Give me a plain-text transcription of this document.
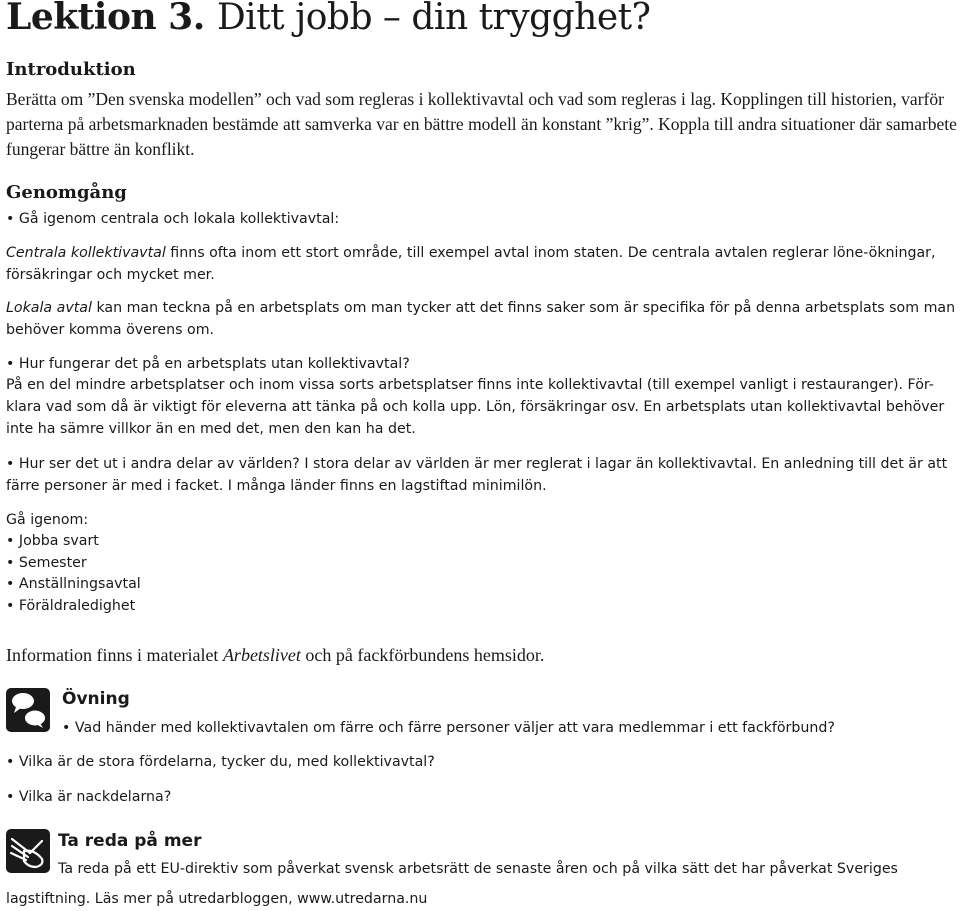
Lektion 3. Ditt jobb – din trygghet?
Introduktion

Berätta om ”Den svenska modellen” och vad som regleras i kollektivavtal och vad som regleras i lag. Kopplingen till historien, varför parterna på arbetsmarknaden bestämde att samverka var en bättre modell än konstant ”krig”. Koppla till andra situationer där samarbete fungerar bättre än konflikt.

Genomgång

• Gå igenom centrala och lokala kollektivavtal:

Centrala kollektivavtal finns ofta inom ett stort område, till exempel avtal inom staten. De centrala avtalen reglerar löne-ökningar, försäkringar och mycket mer.

Lokala avtal kan man teckna på en arbetsplats om man tycker att det finns saker som är specifika för på denna arbetsplats som man behöver komma överens om.

• Hur fungerar det på en arbetsplats utan kollektivavtal?

På en del mindre arbetsplatser och inom vissa sorts arbetsplatser finns inte kollektivavtal (till exempel vanligt i restauranger). För-klara vad som då är viktigt för eleverna att tänka på och kolla upp. Lön, försäkringar osv. En arbetsplats utan kollektivavtal behöver inte ha sämre villkor än en med det, men den kan ha det.

• Hur ser det ut i andra delar av världen? I stora delar av världen är mer reglerat i lagar än kollektivavtal. En anledning till det är att färre personer är med i facket. I många länder finns en lagstiftad minimilön.

Gå igenom:

• Jobba svart

• Semester

• Anställningsavtal

• Föräldraledighet

Information finns i materialet Arbetslivet och på fackförbundens hemsidor.

Övning

• Vad händer med kollektivavtalen om färre och färre personer väljer att vara medlemmar i ett fackförbund?

• Vilka är de stora fördelarna, tycker du, med kollektivavtal?

• Vilka är nackdelarna?

Ta reda på mer

Ta reda på ett EU-direktiv som påverkat svensk arbetsrätt de senaste åren och på vilka sätt det har påverkat Sveriges

lagstiftning. Läs mer på utredarbloggen, www.utredarna.nu
